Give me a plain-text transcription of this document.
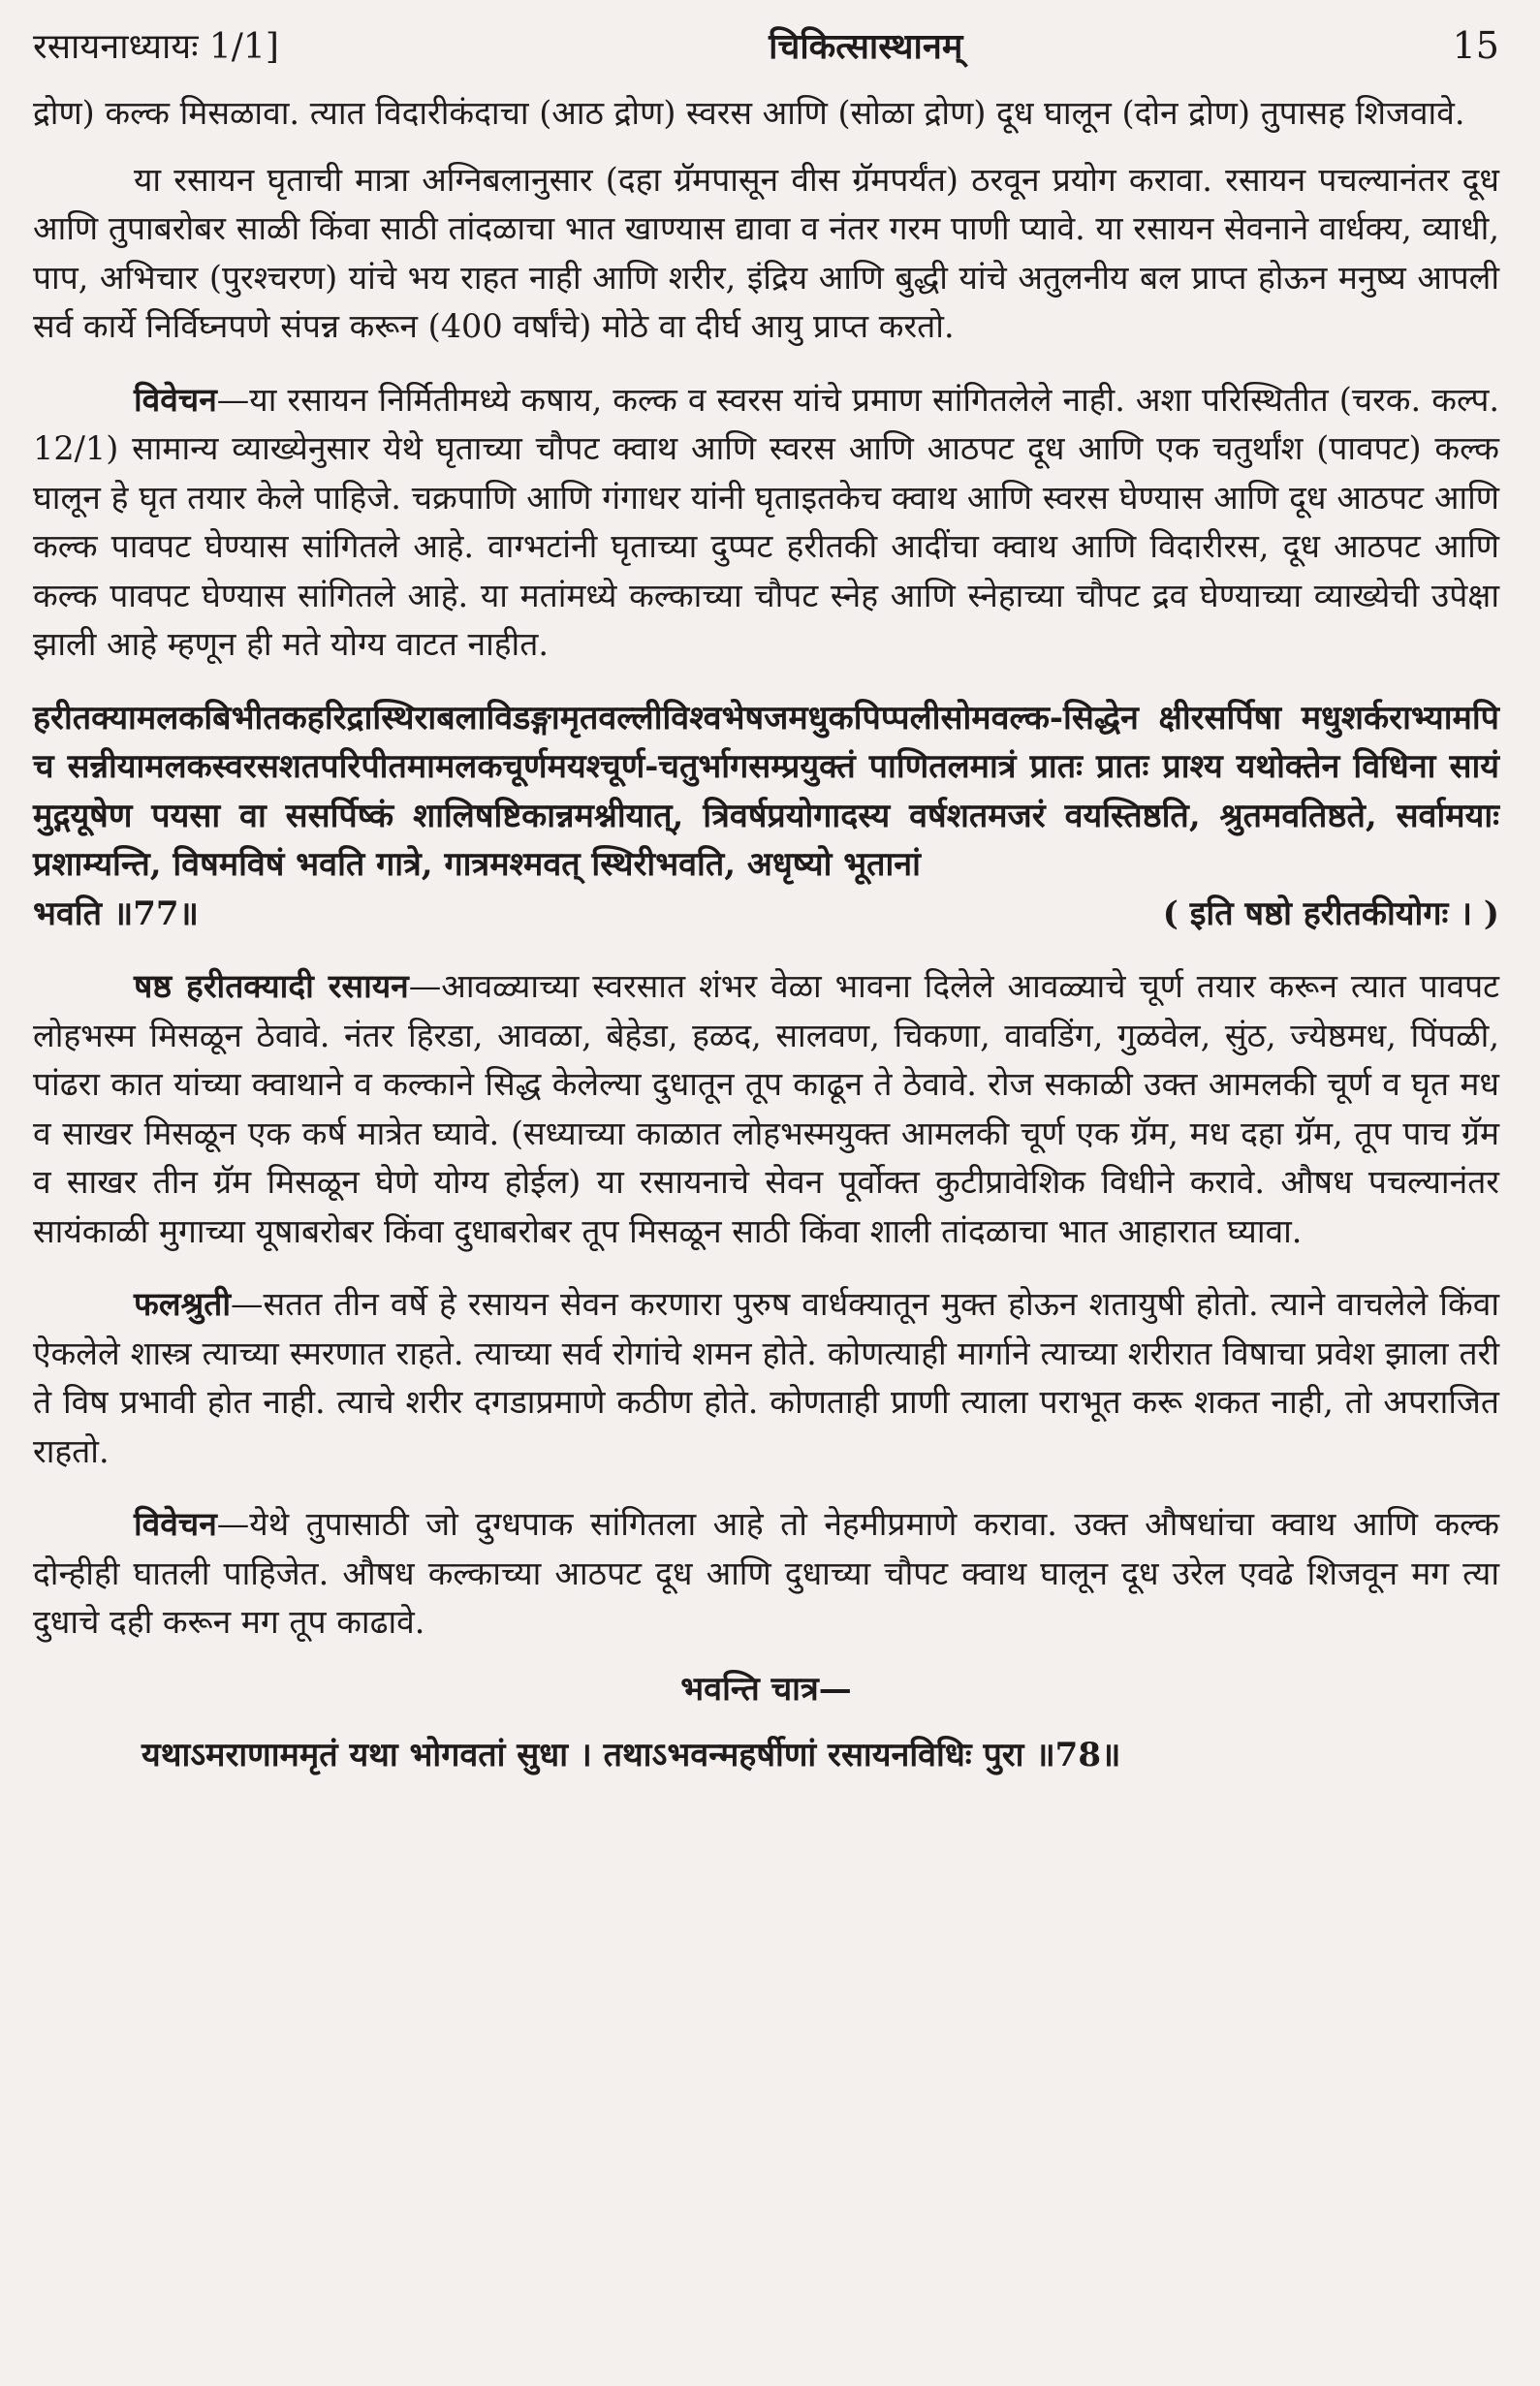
रसायनाध्यायः 1/1]	चिकित्सास्थानम्	15

द्रोण) कल्क मिसळावा. त्यात विदारीकंदाचा (आठ द्रोण) स्वरस आणि (सोळा द्रोण) दूध घालून (दोन द्रोण) तुपासह शिजवावे.

या रसायन घृताची मात्रा अग्निबलानुसार (दहा ग्रॅमपासून वीस ग्रॅमपर्यंत) ठरवून प्रयोग करावा. रसायन पचल्यानंतर दूध आणि तुपाबरोबर साळी किंवा साठी तांदळाचा भात खाण्यास द्यावा व नंतर गरम पाणी प्यावे. या रसायन सेवनाने वार्धक्य, व्याधी, पाप, अभिचार (पुरश्चरण) यांचे भय राहत नाही आणि शरीर, इंद्रिय आणि बुद्धी यांचे अतुलनीय बल प्राप्त होऊन मनुष्य आपली सर्व कार्ये निर्विघ्नपणे संपन्न करून (400 वर्षांचे) मोठे वा दीर्घ आयु प्राप्त करतो.

विवेचन—या रसायन निर्मितीमध्ये कषाय, कल्क व स्वरस यांचे प्रमाण सांगितलेले नाही. अशा परिस्थितीत (चरक. कल्प. 12/1) सामान्य व्याख्येनुसार येथे घृताच्या चौपट क्वाथ आणि स्वरस आणि आठपट दूध आणि एक चतुर्थांश (पावपट) कल्क घालून हे घृत तयार केले पाहिजे. चक्रपाणि आणि गंगाधर यांनी घृताइतकेच क्वाथ आणि स्वरस घेण्यास आणि दूध आठपट आणि कल्क पावपट घेण्यास सांगितले आहे. वाग्भटांनी घृताच्या दुप्पट हरीतकी आदींचा क्वाथ आणि विदारीरस, दूध आठपट आणि कल्क पावपट घेण्यास सांगितले आहे. या मतांमध्ये कल्काच्या चौपट स्नेह आणि स्नेहाच्या चौपट द्रव घेण्याच्या व्याख्येची उपेक्षा झाली आहे म्हणून ही मते योग्य वाटत नाहीत.

हरीतक्यामलकबिभीतकहरिद्रास्थिराबलाविडङ्गामृतवल्लीविश्वभेषजमधुकपिप्पलीसोमवल्क-सिद्धेन क्षीरसर्पिषा मधुशर्कराभ्यामपि च सन्नीयामलकस्वरसशतपरिपीतमामलकचूर्णमयश्चूर्ण-चतुर्भागसम्प्रयुक्तं पाणितलमात्रं प्रातः प्रातः प्राश्य यथोक्तेन विधिना सायं मुद्गयूषेण पयसा वा ससर्पिष्कं शालिषष्टिकान्नमश्नीयात्, त्रिवर्षप्रयोगादस्य वर्षशतमजरं वयस्तिष्ठति, श्रुतमवतिष्ठते, सर्वामयाः प्रशाम्यन्ति, विषमविषं भवति गात्रे, गात्रमश्मवत् स्थिरीभवति, अधृष्यो भूतानां

भवति ॥77॥	( इति षष्ठो हरीतकीयोगः । )

षष्ठ हरीतक्यादी रसायन—आवळ्याच्या स्वरसात शंभर वेळा भावना दिलेले आवळ्याचे चूर्ण तयार करून त्यात पावपट लोहभस्म मिसळून ठेवावे. नंतर हिरडा, आवळा, बेहेडा, हळद, सालवण, चिकणा, वावडिंग, गुळवेल, सुंठ, ज्येष्ठमध, पिंपळी, पांढरा कात यांच्या क्वाथाने व कल्काने सिद्ध केलेल्या दुधातून तूप काढून ते ठेवावे. रोज सकाळी उक्त आमलकी चूर्ण व घृत मध व साखर मिसळून एक कर्ष मात्रेत घ्यावे. (सध्याच्या काळात लोहभस्मयुक्त आमलकी चूर्ण एक ग्रॅम, मध दहा ग्रॅम, तूप पाच ग्रॅम व साखर तीन ग्रॅम मिसळून घेणे योग्य होईल) या रसायनाचे सेवन पूर्वोक्त कुटीप्रावेशिक विधीने करावे. औषध पचल्यानंतर सायंकाळी मुगाच्या यूषाबरोबर किंवा दुधाबरोबर तूप मिसळून साठी किंवा शाली तांदळाचा भात आहारात घ्यावा.

फलश्रुती—सतत तीन वर्षे हे रसायन सेवन करणारा पुरुष वार्धक्यातून मुक्त होऊन शतायुषी होतो. त्याने वाचलेले किंवा ऐकलेले शास्त्र त्याच्या स्मरणात राहते. त्याच्या सर्व रोगांचे शमन होते. कोणत्याही मार्गाने त्याच्या शरीरात विषाचा प्रवेश झाला तरी ते विष प्रभावी होत नाही. त्याचे शरीर दगडाप्रमाणे कठीण होते. कोणताही प्राणी त्याला पराभूत करू शकत नाही, तो अपराजित राहतो.

विवेचन—येथे तुपासाठी जो दुग्धपाक सांगितला आहे तो नेहमीप्रमाणे करावा. उक्त औषधांचा क्वाथ आणि कल्क दोन्हीही घातली पाहिजेत. औषध कल्काच्या आठपट दूध आणि दुधाच्या चौपट क्वाथ घालून दूध उरेल एवढे शिजवून मग त्या दुधाचे दही करून मग तूप काढावे.

भवन्ति चात्र—
यथाऽमराणाममृतं यथा भोगवतां सुधा । तथाऽभवन्महर्षीणां रसायनविधिः पुरा ॥78॥
